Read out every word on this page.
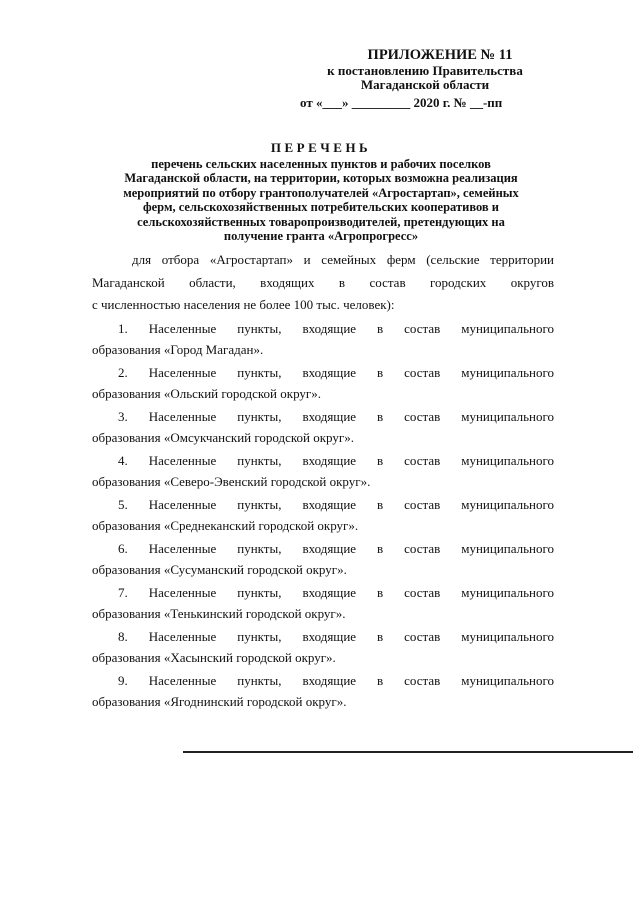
ПРИЛОЖЕНИЕ № 11
к постановлению Правительства
Магаданской области
от «___» _________ 2020 г. № __-пп
ПЕРЕЧЕНЬ
перечень сельских населенных пунктов и рабочих поселков
Магаданской области, на территории, которых возможна реализация
мероприятий по отбору грантополучателей «Агростартап», семейных
ферм, сельскохозяйственных потребительских кооперативов и
сельскохозяйственных товаропроизводителей, претендующих на
получение гранта «Агропрогресс»

для отбора «Агростартап» и семейных ферм (сельские территории
Магаданской области, входящих в состав городских округов
с численностью населения не более 100 тыс. человек):

1. Населенные пункты, входящие в состав муниципального
образования «Город Магадан».

2. Населенные пункты, входящие в состав муниципального
образования «Ольский городской округ».

3. Населенные пункты, входящие в состав муниципального
образования «Омсукчанский городской округ».

4. Населенные пункты, входящие в состав муниципального
образования «Северо-Эвенский городской округ».

5. Населенные пункты, входящие в состав муниципального
образования «Среднеканский городской округ».

6. Населенные пункты, входящие в состав муниципального
образования «Сусуманский городской округ».

7. Населенные пункты, входящие в состав муниципального
образования «Тенькинский городской округ».

8. Населенные пункты, входящие в состав муниципального
образования «Хасынский городской округ».

9. Населенные пункты, входящие в состав муниципального
образования «Ягоднинский городской округ».
